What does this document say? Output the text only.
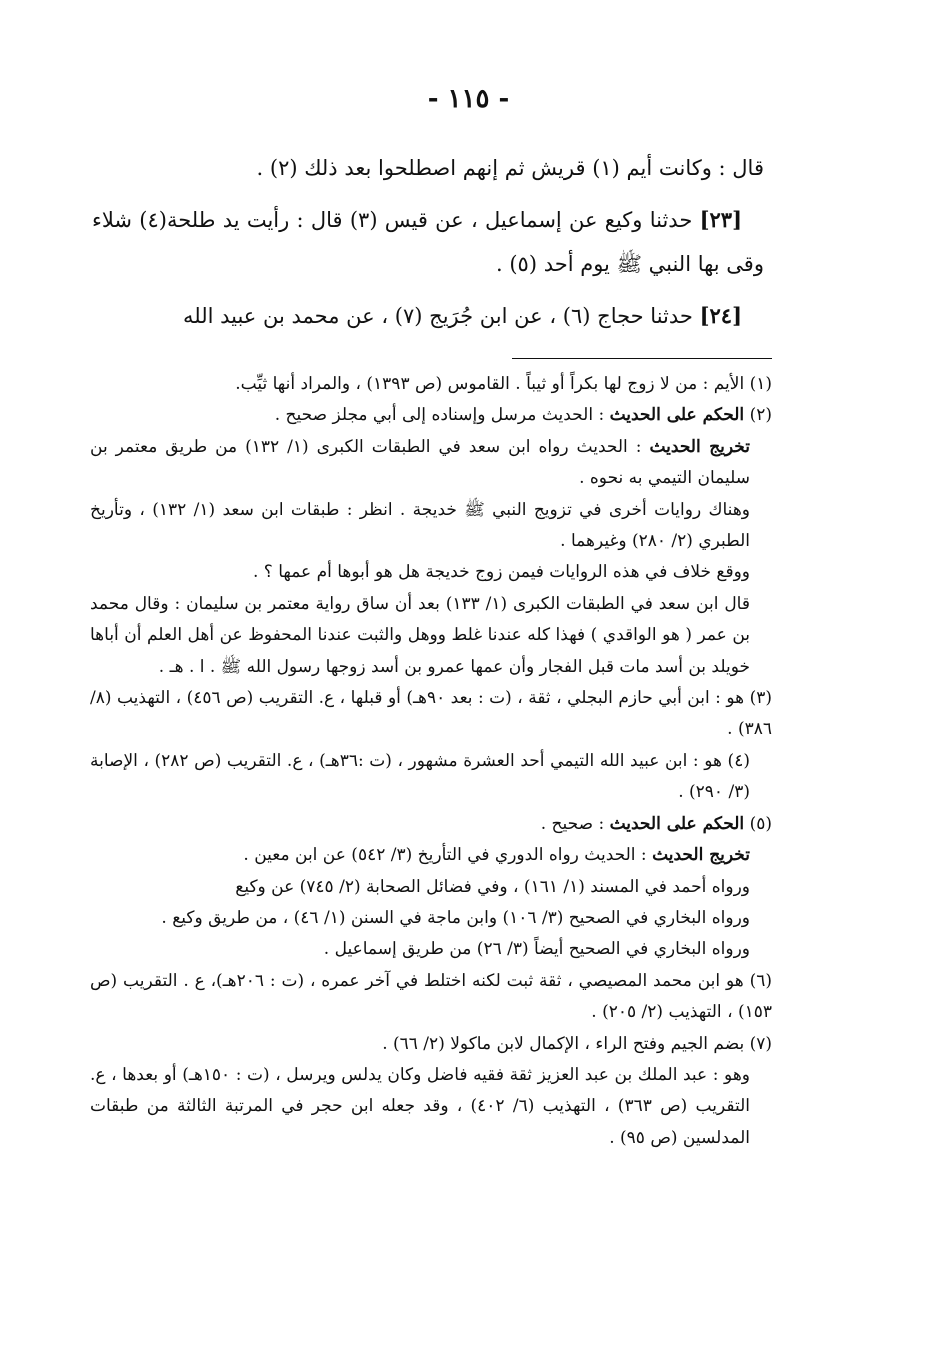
- ١١٥ -

قال : وكانت أيم (١) قريش ثم إنهم اصطلحوا بعد ذلك (٢) .

[٢٣] حدثنا وكيع عن إسماعيل ، عن قيس (٣) قال : رأيت يد طلحة(٤) شلاء وقى بها النبي ﷺ يوم أحد (٥) .

[٢٤] حدثنا حجاج (٦) ، عن ابن جُرَيج (٧) ، عن محمد بن عبيد الله

(١) الأيم : من لا زوج لها بكراً أو ثيباً . القاموس (ص ١٣٩٣) ، والمراد أنها ثيِّب.

(٢) الحكم على الحديث : الحديث مرسل وإسناده إلى أبي مجلز صحيح .

تخريج الحديث : الحديث رواه ابن سعد في الطبقات الكبرى (١/ ١٣٢) من طريق معتمر بن سليمان التيمي به نحوه .

وهناك روايات أخرى في تزويج النبي ﷺ خديجة . انظر : طبقات ابن سعد (١/ ١٣٢) ، وتأريخ الطبري (٢/ ٢٨٠) وغيرهما .

ووقع خلاف في هذه الروايات فيمن زوج خديجة هل هو أبوها أم عمها ؟ .

قال ابن سعد في الطبقات الكبرى (١/ ١٣٣) بعد أن ساق رواية معتمر بن سليمان : وقال محمد بن عمر ( هو الواقدي ) فهذا كله عندنا غلط ووهل والثبت عندنا المحفوظ عن أهل العلم أن أباها خويلد بن أسد مات قبل الفجار وأن عمها عمرو بن أسد زوجها رسول الله ﷺ . ا . هـ .

(٣) هو : ابن أبي حازم البجلي ، ثقة ، (ت : بعد ٩٠هـ) أو قبلها ، ع. التقريب (ص ٤٥٦) ، التهذيب (٨/ ٣٨٦) .

(٤) هو : ابن عبيد الله التيمي أحد العشرة مشهور ، (ت :٣٦هـ) ، ع. التقريب (ص ٢٨٢) ، الإصابة (٣/ ٢٩٠) .

(٥) الحكم على الحديث : صحيح .

تخريج الحديث : الحديث رواه الدوري في التأريخ (٣/ ٥٤٢) عن ابن معين .

ورواه أحمد في المسند (١/ ١٦١) ، وفي فضائل الصحابة (٢/ ٧٤٥) عن وكيع

ورواه البخاري في الصحيح (٣/ ١٠٦) وابن ماجة في السنن (١/ ٤٦) ، من طريق وكيع .

ورواه البخاري في الصحيح أيضاً (٣/ ٢٦) من طريق إسماعيل .

(٦) هو ابن محمد المصيصي ، ثقة ثبت لكنه اختلط في آخر عمره ، (ت : ٢٠٦هـ)، ع . التقريب (ص ١٥٣) ، التهذيب (٢/ ٢٠٥) .

(٧) بضم الجيم وفتح الراء ، الإكمال لابن ماكولا (٢/ ٦٦) .

وهو : عبد الملك بن عبد العزيز ثقة فقيه فاضل وكان يدلس ويرسل ، (ت : ١٥٠هـ) أو بعدها ، ع. التقريب (ص ٣٦٣) ، التهذيب (٦/ ٤٠٢) ، وقد جعله ابن حجر في المرتبة الثالثة من طبقات المدلسين (ص ٩٥) .
